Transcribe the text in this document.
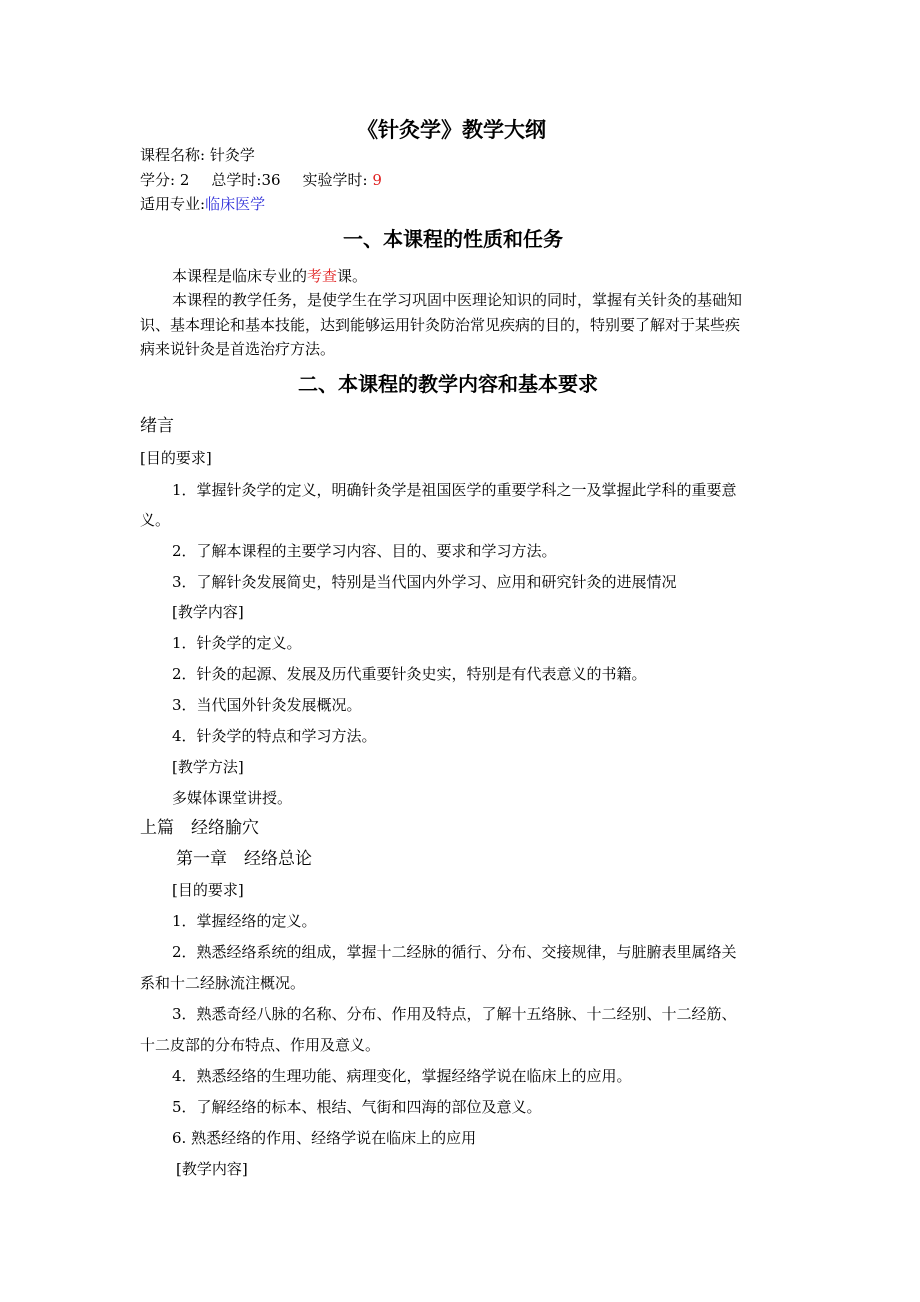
《针灸学》教学大纲
课程名称: 针灸学
学分: 2 总学时:36 实验学时: 9
适用专业:临床医学
一、本课程的性质和任务
本课程是临床专业的考查课。
本课程的教学任务，是使学生在学习巩固中医理论知识的同时，掌握有关针灸的基础知
识、基本理论和基本技能，达到能够运用针灸防治常见疾病的目的，特别要了解对于某些疾
病来说针灸是首选治疗方法。
二、本课程的教学内容和基本要求
绪言
[目的要求]
1．掌握针灸学的定义，明确针灸学是祖国医学的重要学科之一及掌握此学科的重要意
义。
2．了解本课程的主要学习内容、目的、要求和学习方法。
3．了解针灸发展简史，特别是当代国内外学习、应用和研究针灸的进展情况
[教学内容]
1．针灸学的定义。
2．针灸的起源、发展及历代重要针灸史实，特别是有代表意义的书籍。
3．当代国外针灸发展概况。
4．针灸学的特点和学习方法。
[教学方法]
多媒体课堂讲授。
上篇　经络腧穴
第一章　经络总论
[目的要求]
1．掌握经络的定义。
2．熟悉经络系统的组成，掌握十二经脉的循行、分布、交接规律，与脏腑表里属络关
系和十二经脉流注概况。
3．熟悉奇经八脉的名称、分布、作用及特点，了解十五络脉、十二经别、十二经筋、
十二皮部的分布特点、作用及意义。
4．熟悉经络的生理功能、病理变化，掌握经络学说在临床上的应用。
5．了解经络的标本、根结、气街和四海的部位及意义。
6. 熟悉经络的作用、经络学说在临床上的应用
[教学内容]
